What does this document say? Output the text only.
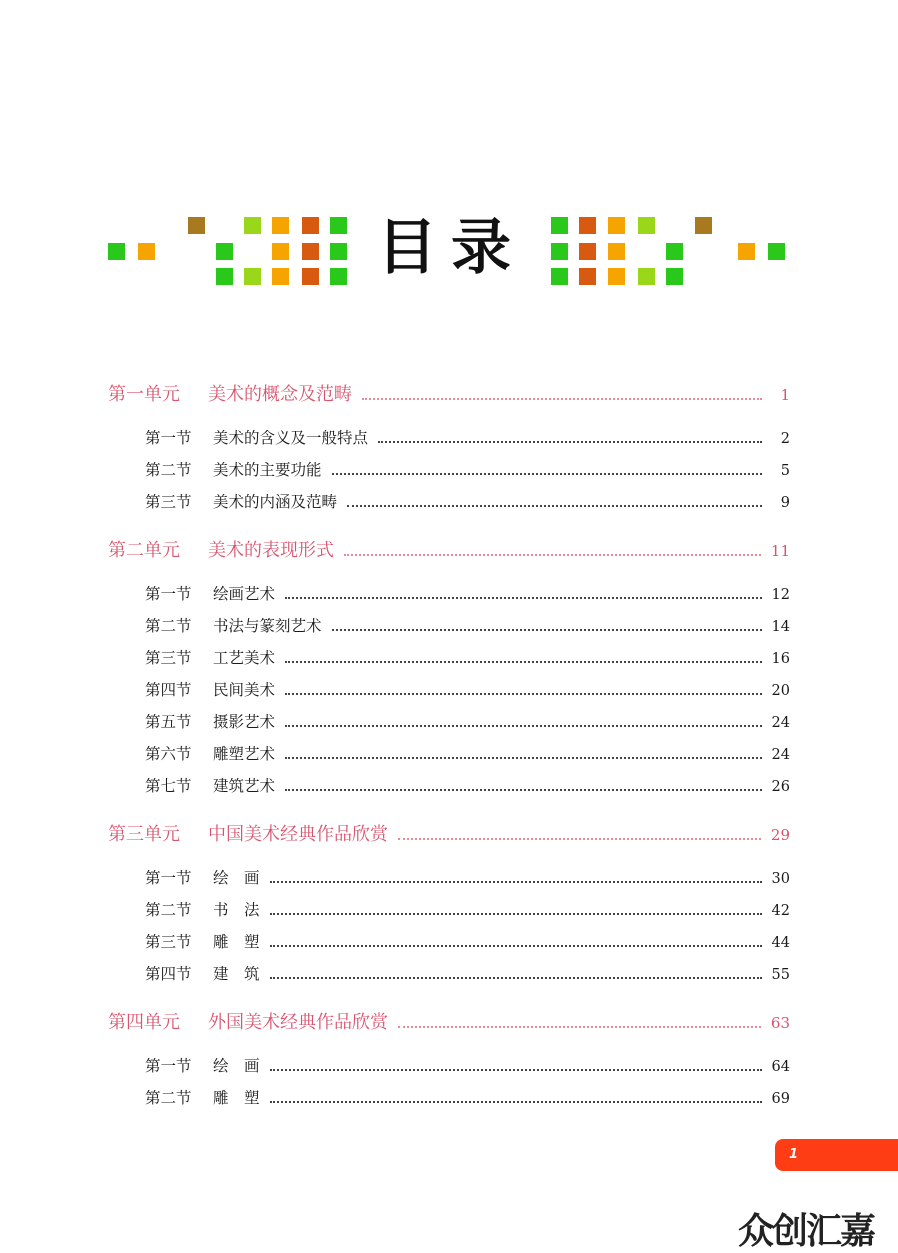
目录
第一单元	美术的概念及范畴	1
第一节	美术的含义及一般特点	2
第二节	美术的主要功能	5
第三节	美术的内涵及范畴	9
第二单元	美术的表现形式	11
第一节	绘画艺术	12
第二节	书法与篆刻艺术	14
第三节	工艺美术	16
第四节	民间美术	20
第五节	摄影艺术	24
第六节	雕塑艺术	24
第七节	建筑艺术	26
第三单元	中国美术经典作品欣赏	29
第一节	绘　画	30
第二节	书　法	42
第三节	雕　塑	44
第四节	建　筑	55
第四单元	外国美术经典作品欣赏	63
第一节	绘　画	64
第二节	雕　塑	69
1
众创汇嘉
